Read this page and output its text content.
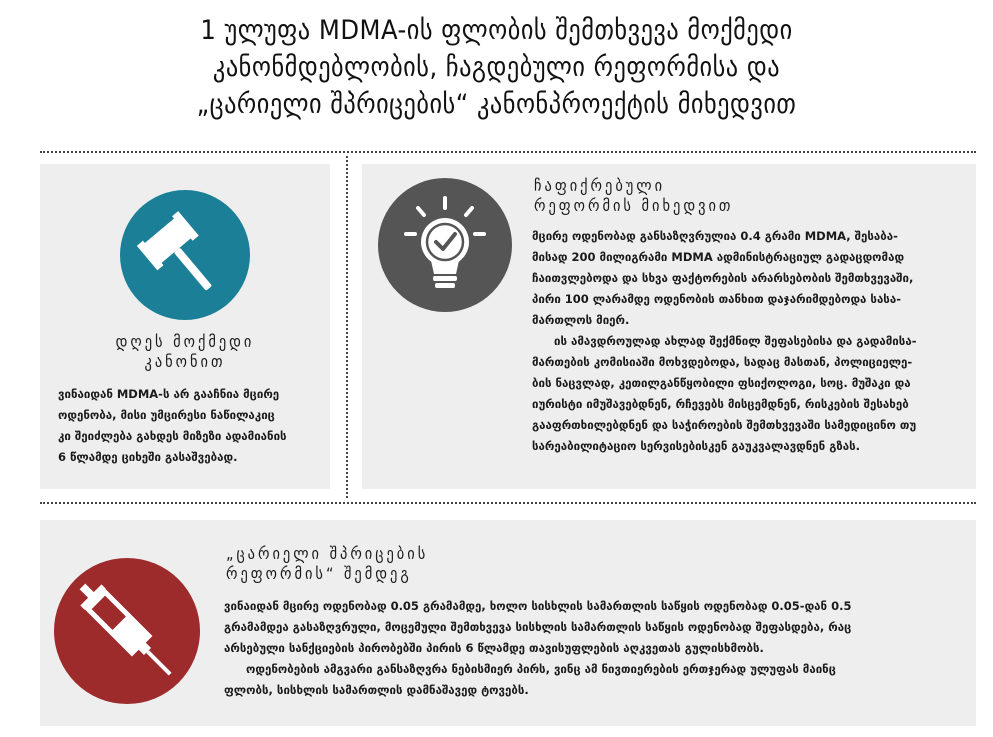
1 ულუფა MDMA-ის ფლობის შემთხვევა მოქმედი
კანონმდებლობის, ჩაგდებული რეფორმისა და
„ცარიელი შპრიცების“ კანონპროექტის მიხედვით
დღეს მოქმედი
კანონით
ვინაიდან MDMA-ს არ გააჩნია მცირე
ოდენობა, მისი უმცირესი ნაწილაკიც
კი შეიძლება გახდეს მიზეზი ადამიანის
6 წლამდე ციხეში გასაშვებად.
ჩაფიქრებული
რეფორმის მიხედვით
მცირე ოდენობად განსაზღვრულია 0.4 გრამი MDMA, შესაბა-
მისად 200 მილიგრამი MDMA ადმინისტრაციულ გადაცდომად
ჩაითვლებოდა და სხვა ფაქტორების არარსებობის შემთხვევაში,
პირი 100 ლარამდე ოდენობის თანხით დაჯარიმდებოდა სასა-
მართლოს მიერ.
ის ამავდროულად ახლად შექმნილ შეფასებისა და გადამისა-
მართების კომისიაში მოხვდებოდა, სადაც მასთან, პოლიციელე-
ბის ნაცვლად, კეთილგანწყობილი ფსიქოლოგი, სოც. მუშაკი და
იურისტი იმუშავებდნენ, რჩევებს მისცემდნენ, რისკების შესახებ
გააფრთხილებდნენ და საჭიროების შემთხვევაში სამედიცინო თუ
სარეაბილიტაციო სერვისებისკენ გაუკვალავდნენ გზას.
„ცარიელი შპრიცების
რეფორმის“ შემდეგ
ვინაიდან მცირე ოდენობად 0.05 გრამამდე, ხოლო სისხლის სამართლის საწყის ოდენობად 0.05-დან 0.5
გრამამდეა გასაზღვრული, მოცემული შემთხვევა სისხლის სამართლის საწყის ოდენობად შეფასდება, რაც
არსებული სანქციების პირობებში პირის 6 წლამდე თავისუფლების აღკვეთას გულისხმობს.
ოდენობების ამგვარი განსაზღვრა ნებისმიერ პირს, ვინც ამ ნივთიერების ერთჯერად ულუფას მაინც
ფლობს, სისხლის სამართლის დამნაშავედ ტოვებს.
